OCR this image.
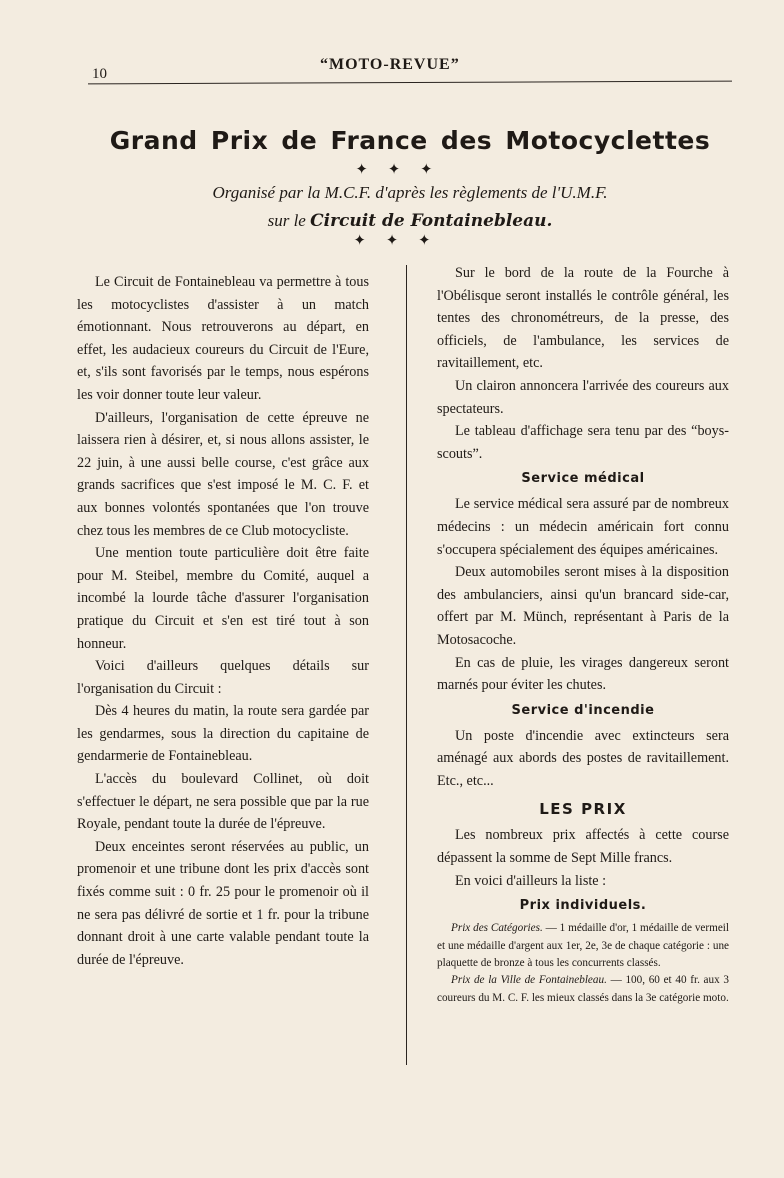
10
“MOTO-REVUE”
Grand Prix de France des Motocyclettes
✦ ✦ ✦
Organisé par la M.C.F. d'après les règlements de l'U.M.F.
sur le Circuit de Fontainebleau.
✦ ✦ ✦

Le Circuit de Fontainebleau va permettre à tous les motocyclistes d'assister à un match émotionnant. Nous retrouverons au départ, en effet, les audacieux coureurs du Circuit de l'Eure, et, s'ils sont favorisés par le temps, nous espérons les voir donner toute leur valeur.

D'ailleurs, l'organisation de cette épreuve ne laissera rien à désirer, et, si nous allons assister, le 22 juin, à une aussi belle course, c'est grâce aux grands sacrifices que s'est imposé le M. C. F. et aux bonnes volontés spontanées que l'on trouve chez tous les membres de ce Club motocycliste.

Une mention toute particulière doit être faite pour M. Steibel, membre du Comité, auquel a incombé la lourde tâche d'assurer l'organisation pratique du Circuit et s'en est tiré tout à son honneur.

Voici d'ailleurs quelques détails sur l'organisation du Circuit :

Dès 4 heures du matin, la route sera gardée par les gendarmes, sous la direction du capitaine de gendarmerie de Fontainebleau.

L'accès du boulevard Collinet, où doit s'effectuer le départ, ne sera possible que par la rue Royale, pendant toute la durée de l'épreuve.

Deux enceintes seront réservées au public, un promenoir et une tribune dont les prix d'accès sont fixés comme suit : 0 fr. 25 pour le promenoir où il ne sera pas délivré de sortie et 1 fr. pour la tribune donnant droit à une carte valable pendant toute la durée de l'épreuve.

Sur le bord de la route de la Fourche à l'Obélisque seront installés le contrôle général, les tentes des chronométreurs, de la presse, des officiels, de l'ambulance, les services de ravitaillement, etc.

Un clairon annoncera l'arrivée des coureurs aux spectateurs.

Le tableau d'affichage sera tenu par des “boys-scouts”.

Service médical

Le service médical sera assuré par de nombreux médecins : un médecin américain fort connu s'occupera spécialement des équipes américaines.

Deux automobiles seront mises à la disposition des ambulanciers, ainsi qu'un brancard side-car, offert par M. Münch, représentant à Paris de la Motosacoche.

En cas de pluie, les virages dangereux seront marnés pour éviter les chutes.

Service d'incendie

Un poste d'incendie avec extincteurs sera aménagé aux abords des postes de ravitaillement. Etc., etc...

LES PRIX

Les nombreux prix affectés à cette course dépassent la somme de Sept Mille francs.

En voici d'ailleurs la liste :

Prix individuels.

Prix des Catégories. — 1 médaille d'or, 1 médaille de vermeil et une médaille d'argent aux 1er, 2e, 3e de chaque catégorie : une plaquette de bronze à tous les concurrents classés.

Prix de la Ville de Fontainebleau. — 100, 60 et 40 fr. aux 3 coureurs du M. C. F. les mieux classés dans la 3e catégorie moto.
